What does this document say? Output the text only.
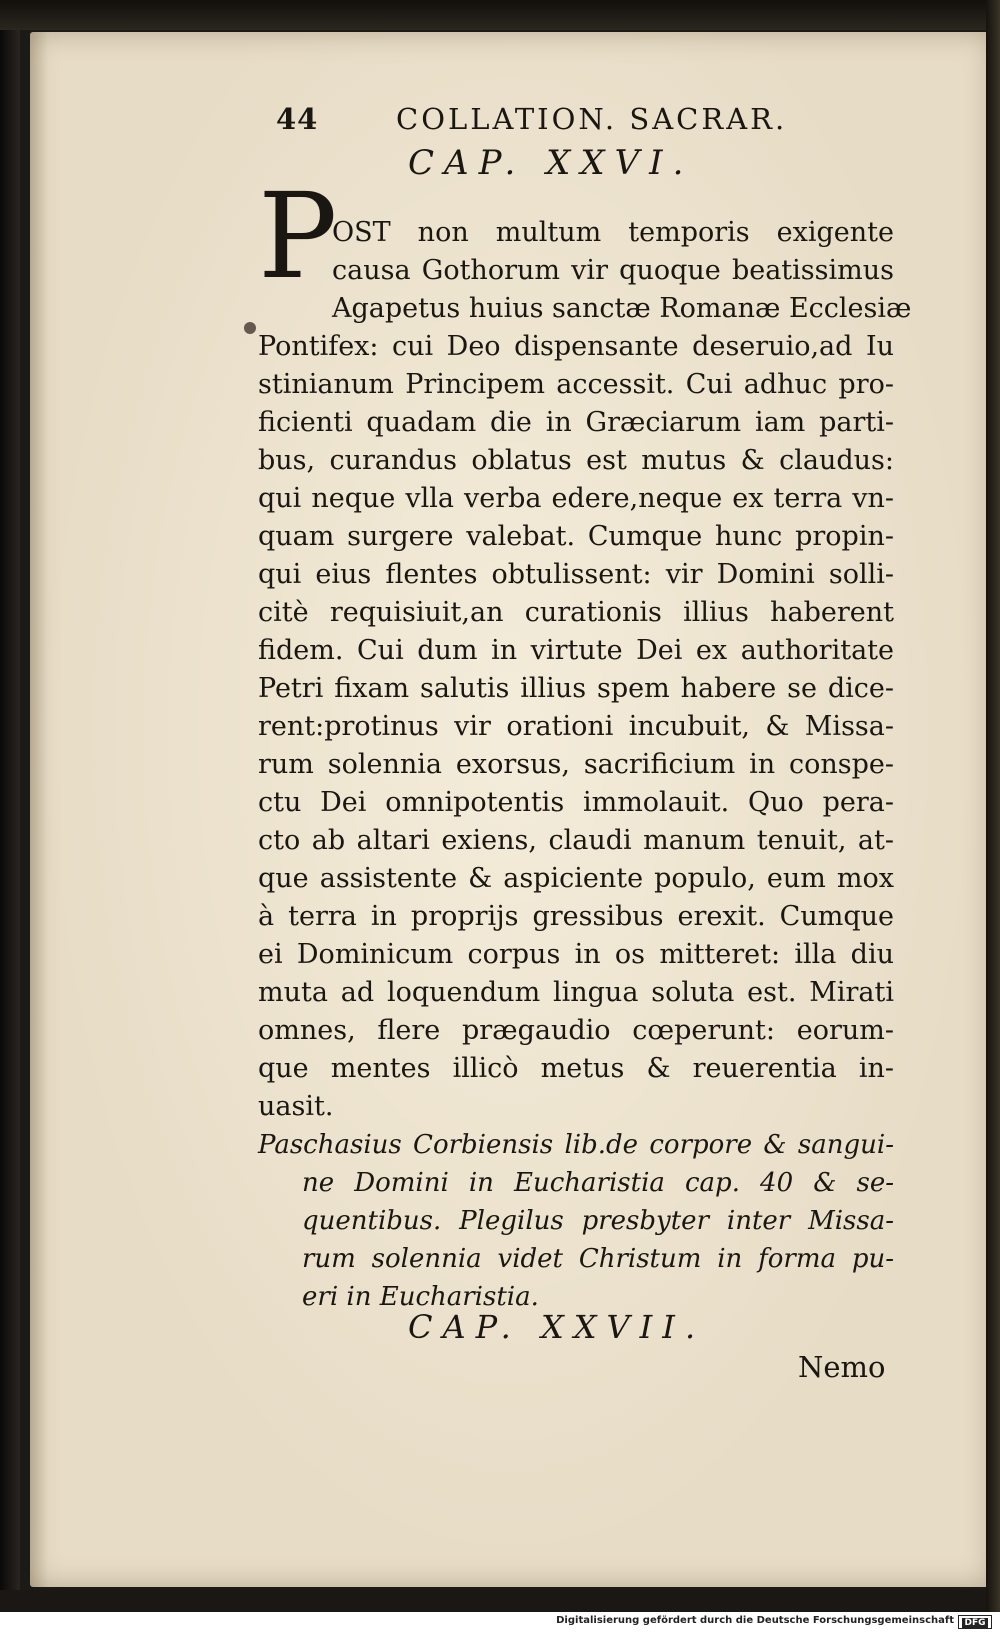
44	COLLATION. SACRAR.
CAP. XXVI.
P
OST non multum temporis exigente
causa Gothorum vir quoque beatissimus
Agapetus huius sanctæ Romanæ Ecclesiæ
Pontifex: cui Deo dispensante deseruio,ad Iu
stinianum Principem accessit. Cui adhuc pro-
ficienti quadam die in Græciarum iam parti-
bus, curandus oblatus est mutus & claudus:
qui neque vlla verba edere,neque ex terra vn-
quam surgere valebat. Cumque hunc propin-
qui eius flentes obtulissent: vir Domini solli-
citè requisiuit,an curationis illius haberent
fidem. Cui dum in virtute Dei ex authoritate
Petri fixam salutis illius spem habere se dice-
rent:protinus vir orationi incubuit, & Missa-
rum solennia exorsus, sacrificium in conspe-
ctu Dei omnipotentis immolauit. Quo pera-
cto ab altari exiens, claudi manum tenuit, at-
que assistente & aspiciente populo, eum mox
à terra in proprijs gressibus erexit. Cumque
ei Dominicum corpus in os mitteret: illa diu
muta ad loquendum lingua soluta est. Mirati
omnes, flere prægaudio cœperunt: eorum-
que mentes illicò metus & reuerentia in-
uasit.
Paschasius Corbiensis lib.de corpore & sangui-
ne Domini in Eucharistia cap. 40 & se-
quentibus. Plegilus presbyter inter Missa-
rum solennia videt Christum in forma pu-
eri in Eucharistia.
CAP. XXVII.
Nemo
Digitalisierung gefördert durch die Deutsche Forschungsgemeinschaft	DFG
